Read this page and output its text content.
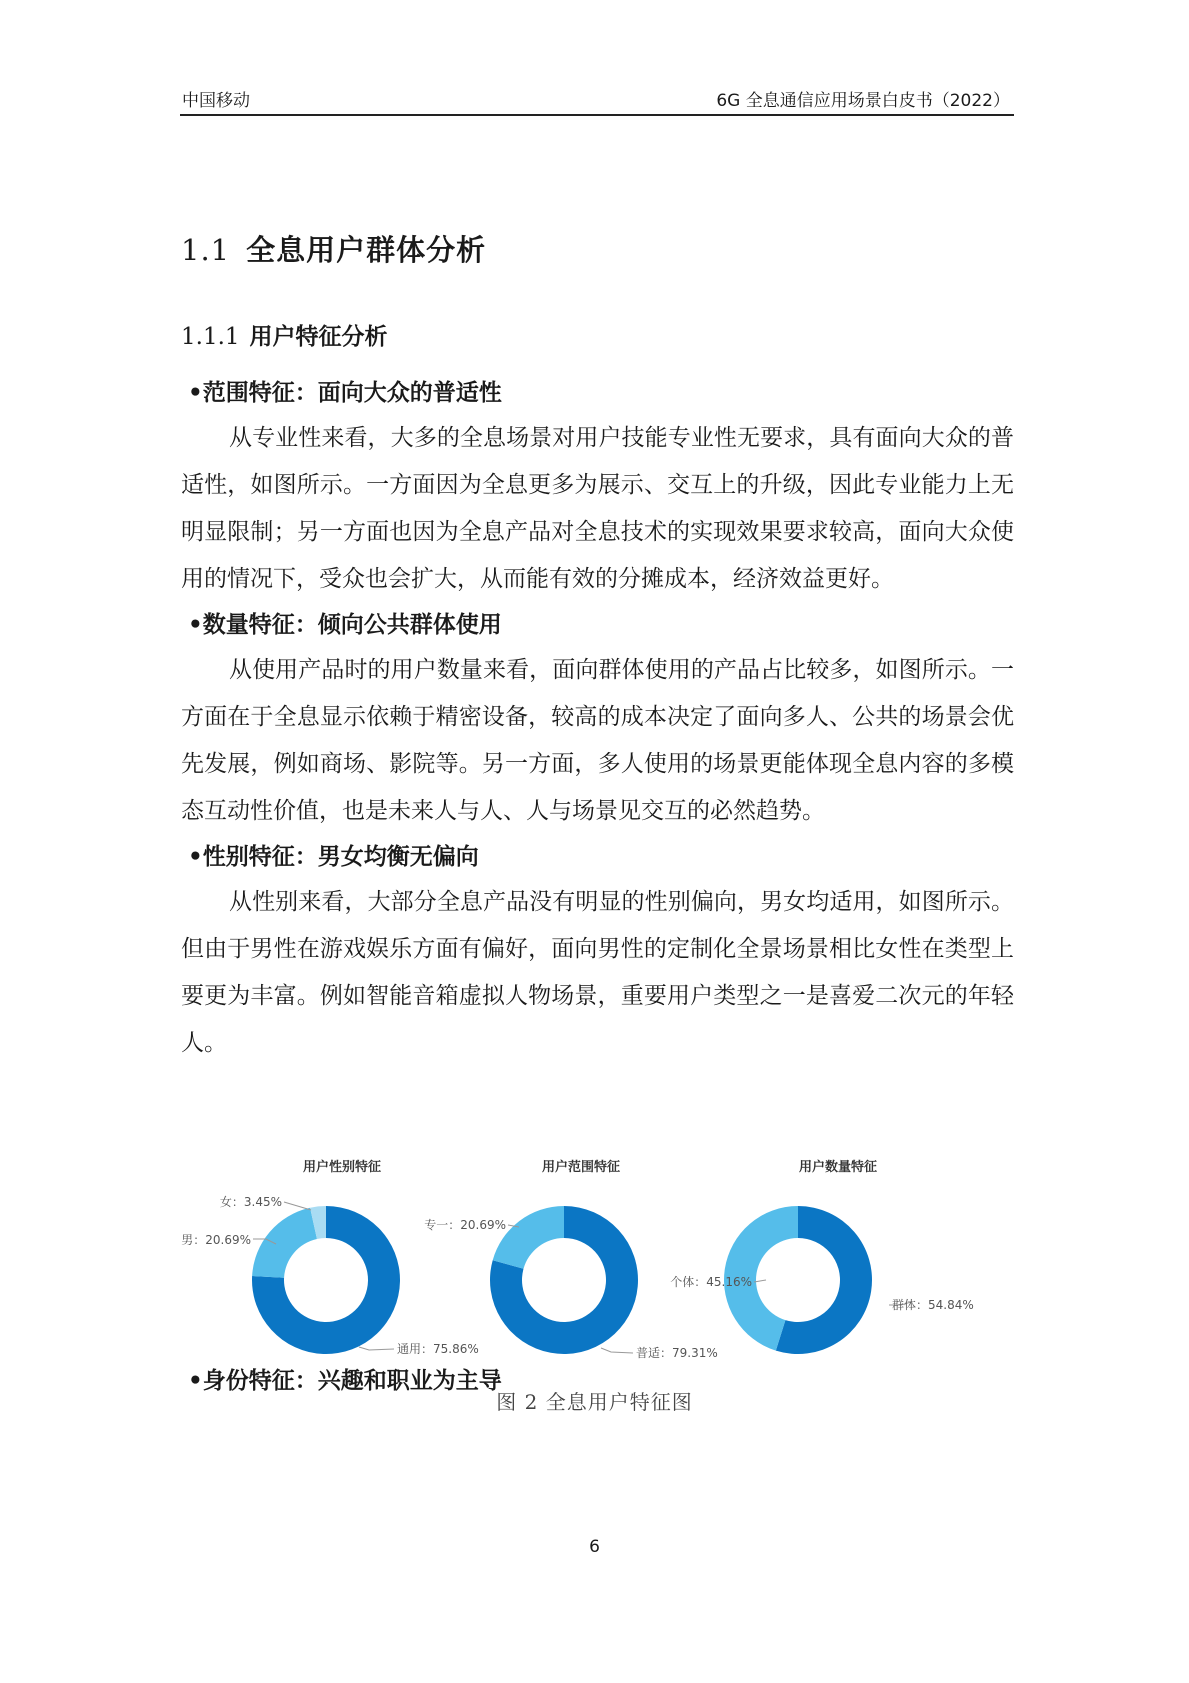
中国移动	6G 全息通信应用场景白皮书（2022）
1.1 全息用户群体分析
1.1.1 用户特征分析
•范围特征：面向大众的普适性

从专业性来看，大多的全息场景对用户技能专业性无要求，具有面向大众的普适性，如图所示。一方面因为全息更多为展示、交互上的升级，因此专业能力上无明显限制；另一方面也因为全息产品对全息技术的实现效果要求较高，面向大众使用的情况下，受众也会扩大，从而能有效的分摊成本，经济效益更好。

•数量特征：倾向公共群体使用

从使用产品时的用户数量来看，面向群体使用的产品占比较多，如图所示。一方面在于全息显示依赖于精密设备，较高的成本决定了面向多人、公共的场景会优先发展，例如商场、影院等。另一方面，多人使用的场景更能体现全息内容的多模态互动性价值，也是未来人与人、人与场景见交互的必然趋势。

•性别特征：男女均衡无偏向

从性别来看，大部分全息产品没有明显的性别偏向，男女均适用，如图所示。但由于男性在游戏娱乐方面有偏好，面向男性的定制化全景场景相比女性在类型上要更为丰富。例如智能音箱虚拟人物场景，重要用户类型之一是喜爱二次元的年轻人。

用户性别特征	用户范围特征	用户数量特征
女：3.45%
男：20.69%
通用：75.86%
专一：20.69%
普适：79.31%
个体：45.16%
群体：54.84%
图 2 全息用户特征图
•身份特征：兴趣和职业为主导
6
